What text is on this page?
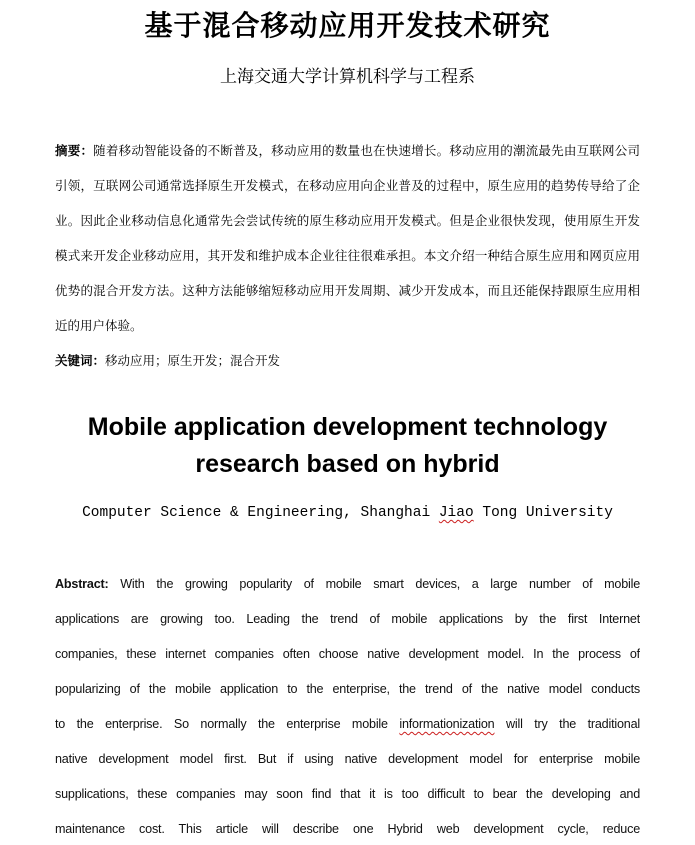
基于混合移动应用开发技术研究
上海交通大学计算机科学与工程系
摘要：随着移动智能设备的不断普及，移动应用的数量也在快速增长。移动应用的潮流最先由互联网公司
引领，互联网公司通常选择原生开发模式，在移动应用向企业普及的过程中，原生应用的趋势传导给了企
业。因此企业移动信息化通常先会尝试传统的原生移动应用开发模式。但是企业很快发现，使用原生开发
模式来开发企业移动应用，其开发和维护成本企业往往很难承担。本文介绍一种结合原生应用和网页应用
优势的混合开发方法。这种方法能够缩短移动应用开发周期、减少开发成本，而且还能保持跟原生应用相
近的用户体验。
关键词：移动应用；原生开发；混合开发
Mobile application development technology
research based on hybrid
Computer Science & Engineering, Shanghai Jiao Tong University
Abstract: With the growing popularity of mobile smart devices, a large number of mobile
applications are growing too. Leading the trend of mobile applications by the first Internet
companies, these internet companies often choose native development model. In the process of
popularizing of the mobile application to the enterprise, the trend of the native model conducts
to the enterprise. So normally the enterprise mobile informationization will try the traditional
native development model first. But if using native development model for enterprise mobile
supplications, these companies may soon find that it is too difficult to bear the developing and
maintenance cost. This article will describe one Hybrid web development cycle, reduce
